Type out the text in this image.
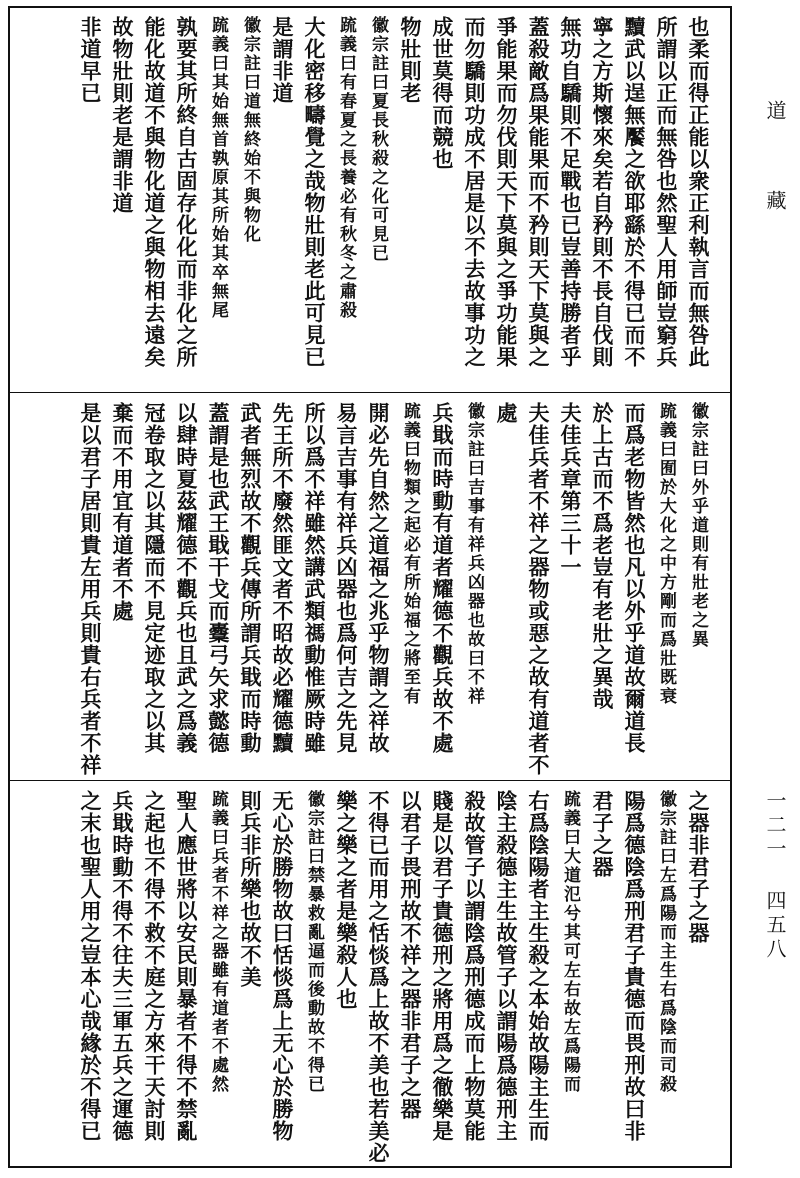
也柔而得正能以衆正利執言而無咎此
所謂以正而無咎也然聖人用師豈窮兵
黷武以逞無饜之欲耶繇於不得已而不
寧之方斯懷來矣若自矜則不長自伐則
無功自驕則不足戰也已豈善持勝者乎
蓋殺敵爲果能果而不矜則天下莫與之
爭能果而勿伐則天下莫與之爭功能果
而勿驕則功成不居是以不去故事功之
成世莫得而競也
物壯則老
徽宗註曰夏長秋殺之化可見已
䟽義曰有春夏之長養必有秋冬之肅殺
大化密移疇覺之哉物壯則老此可見已
是謂非道
徽宗註曰道無終始不與物化
䟽義曰其始無首孰原其所始其卒無尾
孰要其所終自古固存化化而非化之所
能化故道不與物化道之與物相去遠矣
故物壯則老是謂非道
非道早已
徽宗註曰外乎道則有壯老之異
䟽義曰囿於大化之中方剛而爲壯既衰
而爲老物皆然也凡以外乎道故爾道長
於上古而不爲老豈有老壯之異哉
夫佳兵章第三十一
夫佳兵者不祥之器物或惡之故有道者不
處
徽宗註曰吉事有祥兵凶器也故曰不祥
兵戢而時動有道者耀德不觀兵故不處
䟽義曰物類之起必有所始福之將至有
開必先自然之道福之兆乎物謂之祥故
易言吉事有祥兵凶器也爲何吉之先見
所以爲不祥雖然講武類禡動惟厥時雖
先王所不廢然匪文者不昭故必耀德黷
武者無烈故不觀兵傳所謂兵戢而時動
蓋謂是也武王戢干戈而櫜弓矢求懿德
以肆時夏茲耀德不觀兵也且武之爲義
冠卷取之以其隱而不見定迹取之以其
棄而不用宜有道者不處
是以君子居則貴左用兵則貴右兵者不祥
之器非君子之器
徽宗註曰左爲陽而主生右爲陰而司殺
陽爲德陰爲刑君子貴德而畏刑故曰非
君子之器
䟽義曰大道氾兮其可左右故左爲陽而
右爲陰陽者主生殺之本始故陽主生而
陰主殺德主生故管子以謂陽爲德刑主
殺故管子以謂陰爲刑德成而上物莫能
賤是以君子貴德刑之將用爲之徹樂是
以君子畏刑故不祥之器非君子之器
不得已而用之恬惔爲上故不美也若美必
樂之樂之者是樂殺人也
徽宗註曰禁暴救亂逼而後動故不得已
无心於勝物故曰恬惔爲上无心於勝物
則兵非所樂也故不美
䟽義曰兵者不祥之器雖有道者不處然
聖人應世將以安民則暴者不得不禁亂
之起也不得不救不庭之方來干天討則
兵戢時動不得不往夫三軍五兵之運德
之末也聖人用之豈本心哉緣於不得已
道
藏
一二一 四五八
